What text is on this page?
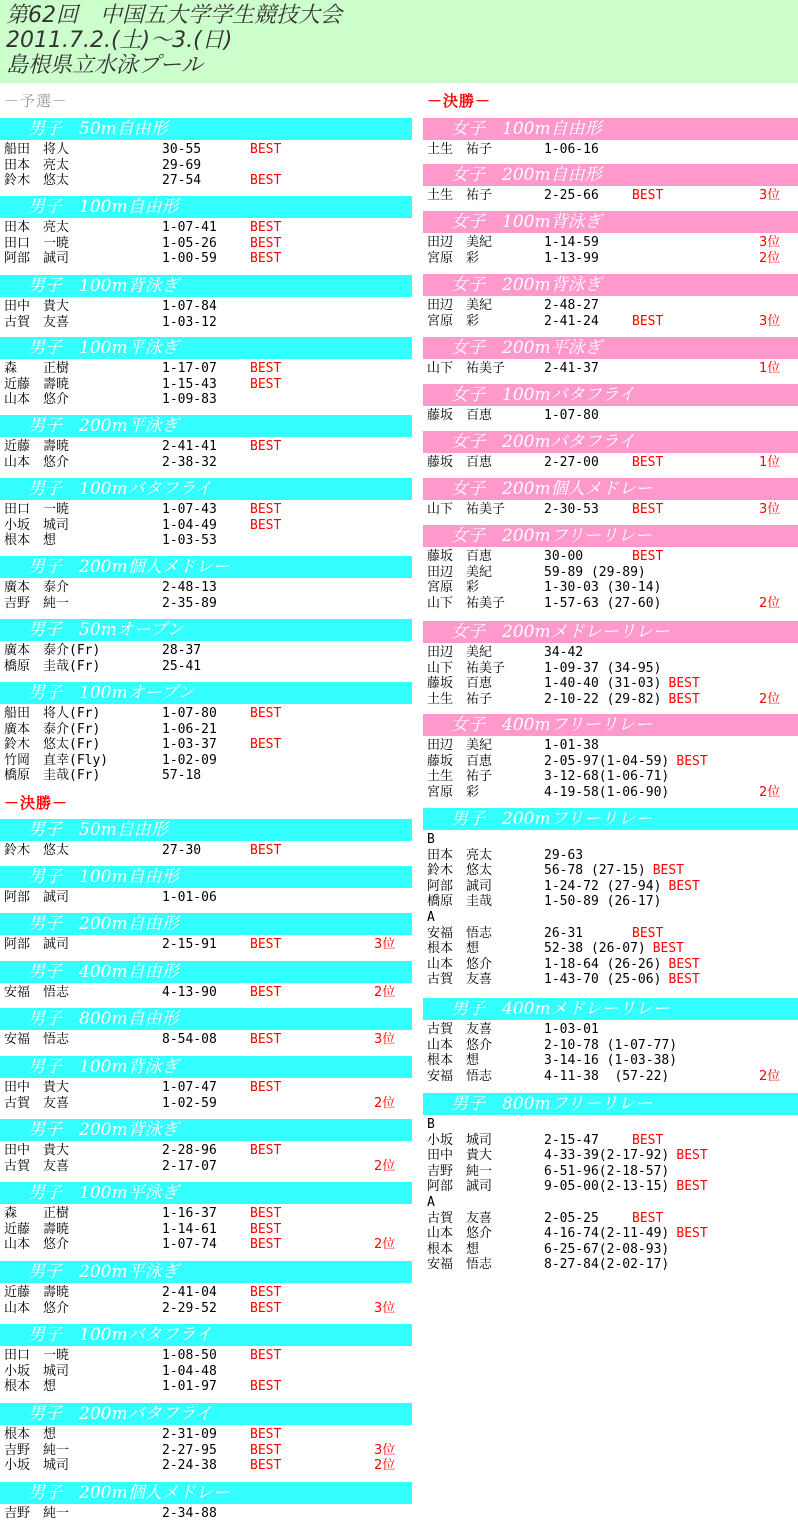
第62回　中国五大学学生競技大会
2011.7.2.(土)～3.(日)
島根県立水泳プール
－予選－
男子　50m自由形
船田　将人	30-55	BEST
田本　亮太	29-69
鈴木　悠太	27-54	BEST
男子　100m自由形
田本　亮太	1-07-41	BEST
田口　一暁	1-05-26	BEST
阿部　誠司	1-00-59	BEST
男子　100m背泳ぎ
田中　貴大	1-07-84
古賀　友喜	1-03-12
男子　100m平泳ぎ
森　　正樹	1-17-07	BEST
近藤　壽暁	1-15-43	BEST
山本　悠介	1-09-83
男子　200m平泳ぎ
近藤　壽暁	2-41-41	BEST
山本　悠介	2-38-32
男子　100mバタフライ
田口　一暁	1-07-43	BEST
小坂　城司	1-04-49	BEST
根本　想	1-03-53
男子　200m個人メドレー
廣本　泰介	2-48-13
吉野　純一	2-35-89
男子　50mオープン
廣本　泰介(Fr)	28-37
橋原　圭哉(Fr)	25-41
男子　100mオープン
船田　将人(Fr)	1-07-80	BEST
廣本　泰介(Fr)	1-06-21
鈴木　悠太(Fr)	1-03-37	BEST
竹岡　直幸(Fly)	1-02-09
橋原　圭哉(Fr)	57-18
－決勝－
男子　50m自由形
鈴木　悠太	27-30	BEST
男子　100m自由形
阿部　誠司	1-01-06
男子　200m自由形
阿部　誠司	2-15-91	BEST	3位
男子　400m自由形
安福　悟志	4-13-90	BEST	2位
男子　800m自由形
安福　悟志	8-54-08	BEST	3位
男子　100m背泳ぎ
田中　貴大	1-07-47	BEST
古賀　友喜	1-02-59	2位
男子　200m背泳ぎ
田中　貴大	2-28-96	BEST
古賀　友喜	2-17-07	2位
男子　100m平泳ぎ
森　　正樹	1-16-37	BEST
近藤　壽暁	1-14-61	BEST
山本　悠介	1-07-74	BEST	2位
男子　200m平泳ぎ
近藤　壽暁	2-41-04	BEST
山本　悠介	2-29-52	BEST	3位
男子　100mバタフライ
田口　一暁	1-08-50	BEST
小坂　城司	1-04-48
根本　想	1-01-97	BEST
男子　200mバタフライ
根本　想	2-31-09	BEST
吉野　純一	2-27-95	BEST	3位
小坂　城司	2-24-38	BEST	2位
男子　200m個人メドレー
吉野　純一	2-34-88
－決勝－
女子　100m自由形
土生　祐子	1-06-16
女子　200m自由形
土生　祐子	2-25-66	BEST	3位
女子　100m背泳ぎ
田辺　美紀	1-14-59	3位
宮原　彩	1-13-99	2位
女子　200m背泳ぎ
田辺　美紀	2-48-27
宮原　彩	2-41-24	BEST	3位
女子　200m平泳ぎ
山下　祐美子	2-41-37	1位
女子　100mバタフライ
藤坂　百恵	1-07-80
女子　200mバタフライ
藤坂　百恵	2-27-00	BEST	1位
女子　200m個人メドレー
山下　祐美子	2-30-53	BEST	3位
女子　200mフリーリレー
藤坂　百恵	30-00	BEST
田辺　美紀	59-89 (29-89)
宮原　彩	1-30-03 (30-14)
山下　祐美子	1-57-63 (27-60)	2位
女子　200mメドレーリレー
田辺　美紀	34-42
山下　祐美子	1-09-37 (34-95)
藤坂　百恵	1-40-40 (31-03) BEST
土生　祐子	2-10-22 (29-82) BEST	2位
女子　400mフリーリレー
田辺　美紀	1-01-38
藤坂　百恵	2-05-97(1-04-59) BEST
土生　祐子	3-12-68(1-06-71)
宮原　彩	4-19-58(1-06-90)	2位
男子　200mフリーリレー
B
田本　亮太	29-63
鈴木　悠太	56-78 (27-15) BEST
阿部　誠司	1-24-72 (27-94) BEST
橋原　圭哉	1-50-89 (26-17)
A
安福　悟志	26-31	BEST
根本　想	52-38 (26-07) BEST
山本　悠介	1-18-64 (26-26) BEST
古賀　友喜	1-43-70 (25-06) BEST
男子　400mメドレーリレー
古賀　友喜	1-03-01
山本　悠介	2-10-78 (1-07-77)
根本　想	3-14-16 (1-03-38)
安福　悟志	4-11-38  (57-22)	2位
男子　800mフリーリレー
B
小坂　城司	2-15-47	BEST
田中　貴大	4-33-39(2-17-92) BEST
吉野　純一	6-51-96(2-18-57)
阿部　誠司	9-05-00(2-13-15) BEST
A
古賀　友喜	2-05-25	BEST
山本　悠介	4-16-74(2-11-49) BEST
根本　想	6-25-67(2-08-93)
安福　悟志	8-27-84(2-02-17)
